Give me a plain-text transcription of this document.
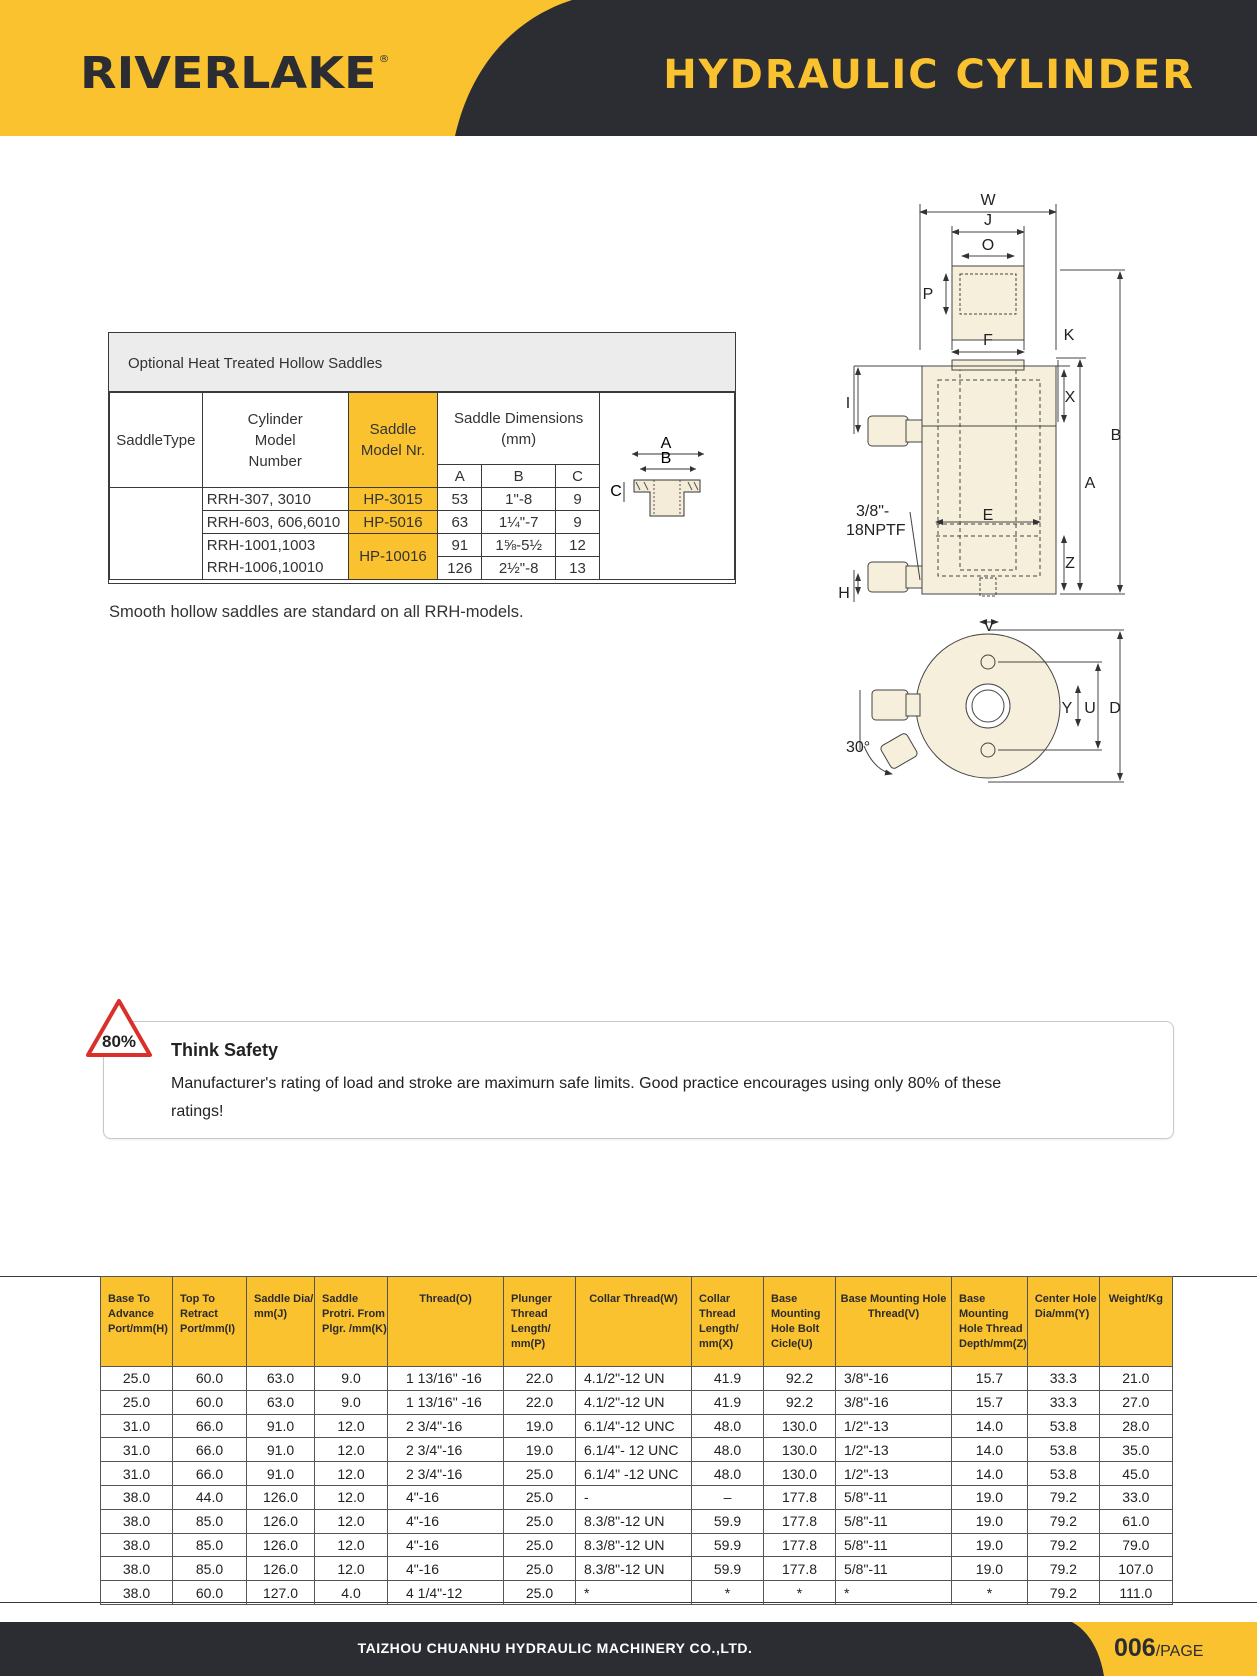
RIVERLAKE ®	HYDRAULIC CYLINDER
Optional Heat Treated Hollow Saddles
SaddleType	Cylinder Model Number	Saddle Model Nr.	Saddle Dimensions (mm)			A
B
C

			A	B	C	
	RRH-307, 3010	HP-3015	53	1"-8	9	
	RRH-603, 606,6010	HP-5016	63	1¼"-7	9	
	RRH-1001,1003	HP-10016	91	1⅝-5½	12	
	RRH-1006,10010		126	2½"-8	13	
Smooth hollow saddles are standard on all RRH-models.
W
J
O
P
F	K
I	X
B
A
E
Z
H
3/8"-
18NPTF
V
Y U D
30°
80% Think Safety
Manufacturer's rating of load and stroke are maximurn safe limits. Good practice encourages using only 80% of these ratings!
Base To Advance Port/mm(H)	Top To Retract Port/mm(I)	Saddle Dia/ mm(J)	Saddle Protri. From Plgr. /mm(K)	Thread(O)	Plunger Thread Length/ mm(P)	Collar Thread(W)	Collar Thread Length/ mm(X)	Base Mounting Hole Bolt Cicle(U)	Base Mounting Hole Thread(V)	Base Mounting Hole Thread Depth/mm(Z)	Center Hole Dia/mm(Y)	Weight/Kg
25.0	60.0	63.0	9.0	1 13/16" -16	22.0	4.1/2"-12 UN	41.9	92.2	3/8"-16	15.7	33.3	21.0
25.0	60.0	63.0	9.0	1 13/16" -16	22.0	4.1/2"-12 UN	41.9	92.2	3/8"-16	15.7	33.3	27.0
31.0	66.0	91.0	12.0	2 3/4"-16	19.0	6.1/4"-12 UNC	48.0	130.0	1/2"-13	14.0	53.8	28.0
31.0	66.0	91.0	12.0	2 3/4"-16	19.0	6.1/4"- 12 UNC	48.0	130.0	1/2"-13	14.0	53.8	35.0
31.0	66.0	91.0	12.0	2 3/4"-16	25.0	6.1/4" -12 UNC	48.0	130.0	1/2"-13	14.0	53.8	45.0
38.0	44.0	126.0	12.0	4"-16	25.0	-	–	177.8	5/8"-11	19.0	79.2	33.0
38.0	85.0	126.0	12.0	4"-16	25.0	8.3/8"-12 UN	59.9	177.8	5/8"-11	19.0	79.2	61.0
38.0	85.0	126.0	12.0	4"-16	25.0	8.3/8"-12 UN	59.9	177.8	5/8"-11	19.0	79.2	79.0
38.0	85.0	126.0	12.0	4"-16	25.0	8.3/8"-12 UN	59.9	177.8	5/8"-11	19.0	79.2	107.0
38.0	60.0	127.0	4.0	4 1/4"-12	25.0	*	*	*	*	*	79.2	111.0
TAIZHOU CHUANHU HYDRAULIC MACHINERY CO.,LTD.	006/PAGE
